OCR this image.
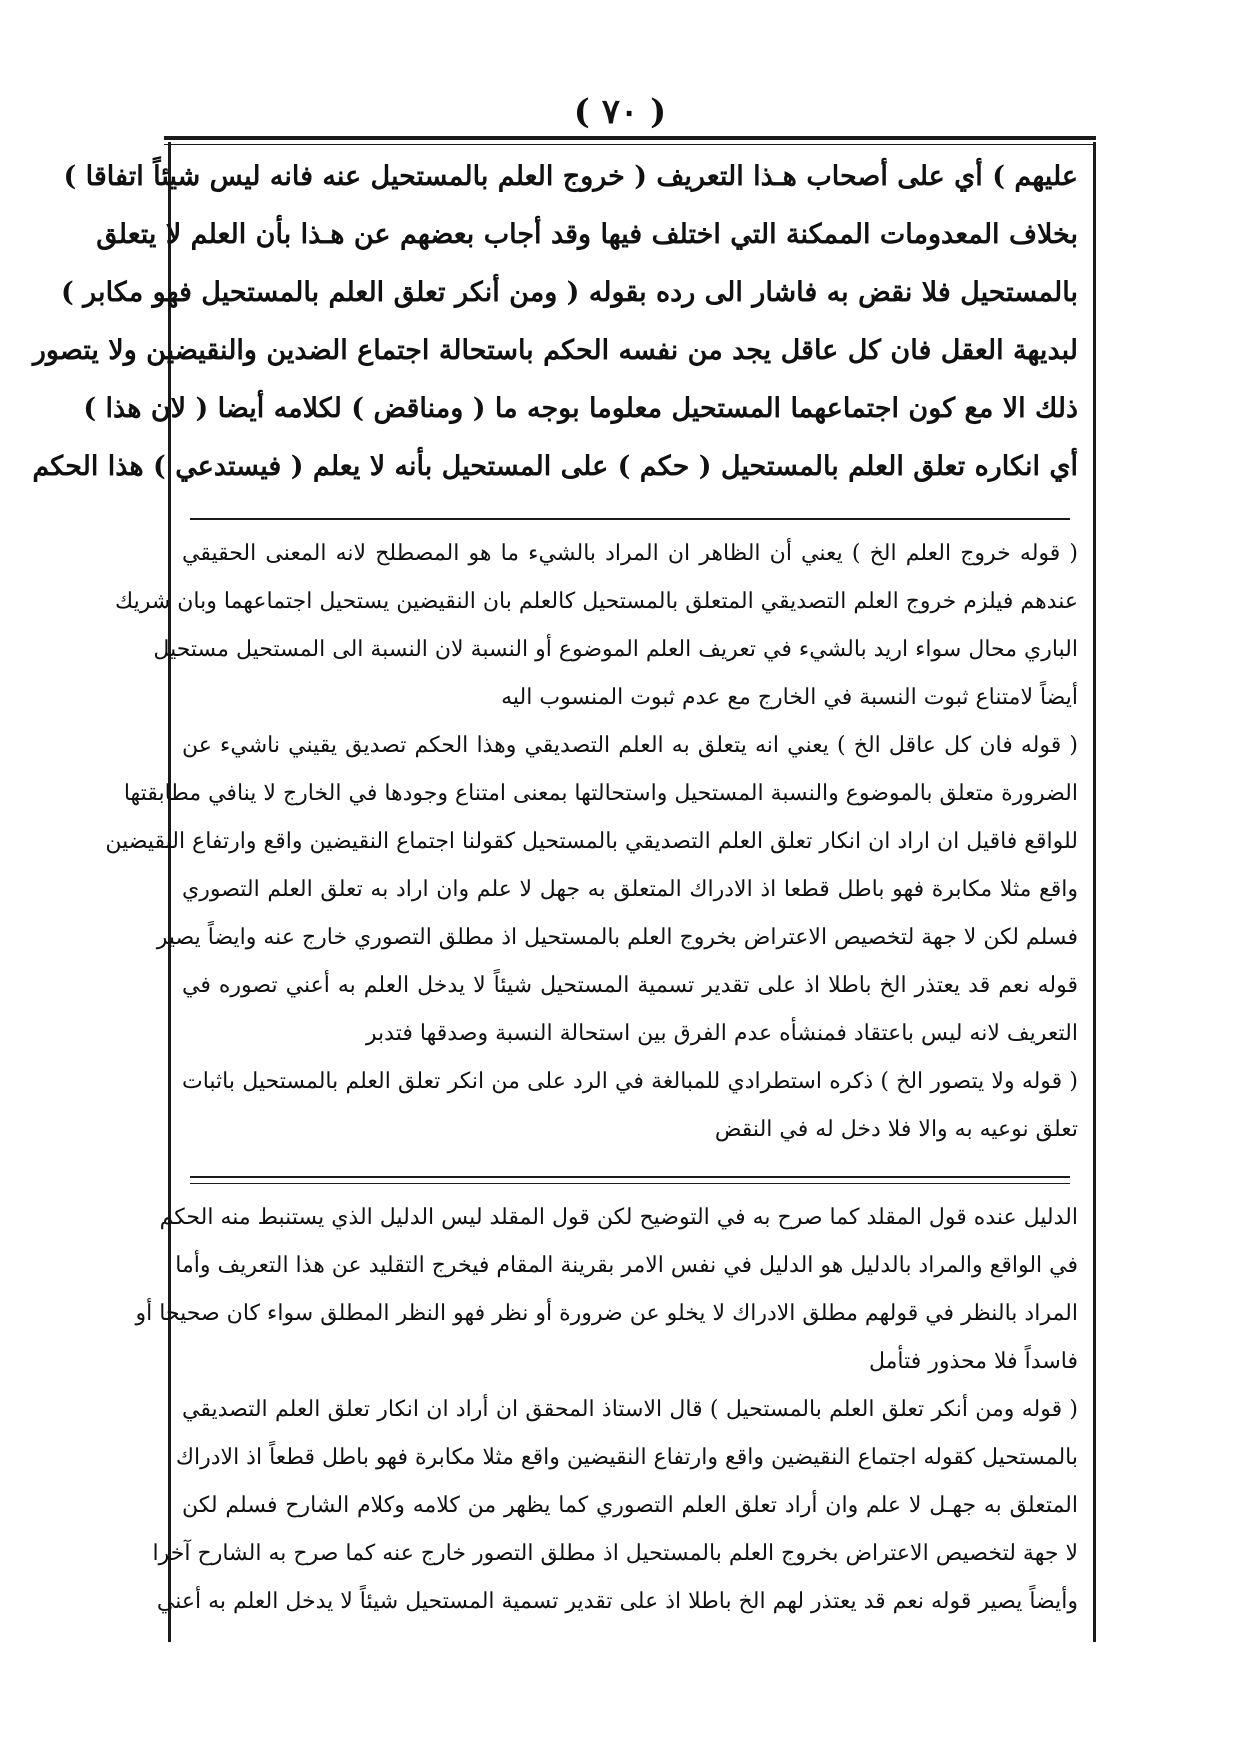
( ٧٠ )
عليهم ) أي على أصحاب هـذا التعريف ( خروج العلم بالمستحيل عنه فانه ليس شيئاً اتفاقا )
بخلاف المعدومات الممكنة التي اختلف فيها وقد أجاب بعضهم عن هـذا بأن العلم لا يتعلق
بالمستحيل فلا نقض به فاشار الى رده بقوله ( ومن أنكر تعلق العلم بالمستحيل فهو مكابر )
لبديهة العقل فان كل عاقل يجد من نفسه الحكم باستحالة اجتماع الضدين والنقيضين ولا يتصور
ذلك الا مع كون اجتماعهما المستحيل معلوما بوجه ما ( ومناقض ) لكلامه أيضا ( لان هذا )
أي انكاره تعلق العلم بالمستحيل ( حكم ) على المستحيل بأنه لا يعلم ( فيستدعي ) هذا الحكم
( قوله خروج العلم الخ ) يعني أن الظاهر ان المراد بالشيء ما هو المصطلح لانه المعنى الحقيقي
عندهم فيلزم خروج العلم التصديقي المتعلق بالمستحيل كالعلم بان النقيضين يستحيل اجتماعهما وبان شريك
الباري محال سواء اريد بالشيء في تعريف العلم الموضوع أو النسبة لان النسبة الى المستحيل مستحيل
أيضاً لامتناع ثبوت النسبة في الخارج مع عدم ثبوت المنسوب اليه
( قوله فان كل عاقل الخ ) يعني انه يتعلق به العلم التصديقي وهذا الحكم تصديق يقيني ناشيء عن
الضرورة متعلق بالموضوع والنسبة المستحيل واستحالتها بمعنى امتناع وجودها في الخارج لا ينافي مطابقتها
للواقع فاقيل ان اراد ان انكار تعلق العلم التصديقي بالمستحيل كقولنا اجتماع النقيضين واقع وارتفاع النقيضين
واقع مثلا مكابرة فهو باطل قطعا اذ الادراك المتعلق به جهل لا علم وان اراد به تعلق العلم التصوري
فسلم لكن لا جهة لتخصيص الاعتراض بخروج العلم بالمستحيل اذ مطلق التصوري خارج عنه وايضاً يصير
قوله نعم قد يعتذر الخ باطلا اذ على تقدير تسمية المستحيل شيئاً لا يدخل العلم به أعني تصوره في
التعريف لانه ليس باعتقاد فمنشأه عدم الفرق بين استحالة النسبة وصدقها فتدبر
( قوله ولا يتصور الخ ) ذكره استطرادي للمبالغة في الرد على من انكر تعلق العلم بالمستحيل باثبات
تعلق نوعيه به والا فلا دخل له في النقض
الدليل عنده قول المقلد كما صرح به في التوضيح لكن قول المقلد ليس الدليل الذي يستنبط منه الحكم
في الواقع والمراد بالدليل هو الدليل في نفس الامر بقرينة المقام فيخرج التقليد عن هذا التعريف وأما
المراد بالنظر في قولهم مطلق الادراك لا يخلو عن ضرورة أو نظر فهو النظر المطلق سواء كان صحيحا أو
فاسداً فلا محذور فتأمل
( قوله ومن أنكر تعلق العلم بالمستحيل ) قال الاستاذ المحقق ان أراد ان انكار تعلق العلم التصديقي
بالمستحيل كقوله اجتماع النقيضين واقع وارتفاع النقيضين واقع مثلا مكابرة فهو باطل قطعاً اذ الادراك
المتعلق به جهـل لا علم وان أراد تعلق العلم التصوري كما يظهر من كلامه وكلام الشارح فسلم لكن
لا جهة لتخصيص الاعتراض بخروج العلم بالمستحيل اذ مطلق التصور خارج عنه كما صرح به الشارح آخرا
وأيضاً يصير قوله نعم قد يعتذر لهم الخ باطلا اذ على تقدير تسمية المستحيل شيئاً لا يدخل العلم به أعني
